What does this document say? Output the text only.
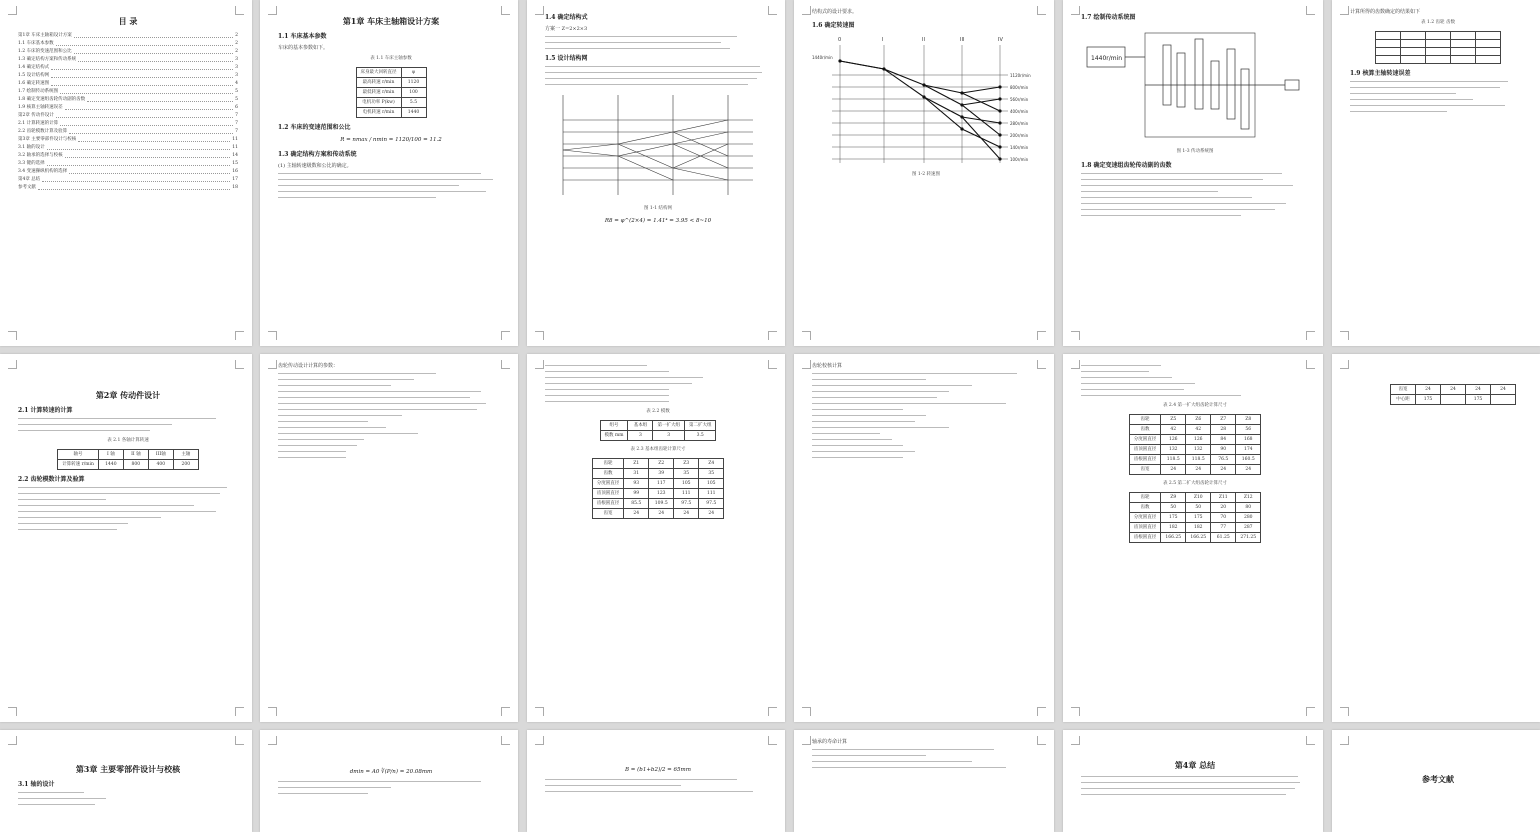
目 录
第1章 车床主轴箱设计方案	2
1.1 车床基本参数	2
1.2 车床的变速范围和公比	2
1.3 确定结构方案和传动系统	3
1.4 确定结构式	3
1.5 设计结构网	3
1.6 确定转速图	4
1.7 绘制传动系统图	5
1.8 确定变速组齿轮传动副的齿数	5
1.9 核算主轴转速误差	6
第2章 传动件设计	7
2.1 计算转速的计算	7
2.2 齿轮模数计算及验算	7
第3章 主要零部件设计与校核	11
3.1 轴的设计	11
3.2 轴承的选择与校核	14
3.3 键的选择	15
3.4 变速操纵机构的选择	16
第4章 总结	17
参考文献	18
第1章 车床主轴箱设计方案
1.1 车床基本参数
车床的基本参数如下。
表 1.1 车床主轴参数
床身最大回转直径	φ
最高转速 r/min	1120
最低转速 r/min	100
电机功率 P(kw)	5.5
电机转速 r/min	1440
1.2 车床的变速范围和公比
R = nmax / nmin = 1120/100 = 11.2
1.3 确定结构方案和传动系统
(1) 主轴转速级数和公比的确定。
1.4 确定结构式
方案一 Z=2×2×3
1.5 设计结构网
图 1-1 结构网
R8 = φ^(2×4) = 1.41⁴ = 3.95 < 8~10
结构式的设计要求。
1.6 确定转速图
0	I	II	III	IV
1120r/min
800r/min
560r/min
400r/min
280r/min
200r/min
140r/min
100r/min
1440r/min
图 1-2 转速图
1.7 绘制传动系统图
1440r/min
图 1-3 传动系统图
1.8 确定变速组齿轮传动副的齿数
计算所得的齿数确定的结果如下
表 1.2 齿轮 齿数

1.9 核算主轴转速误差
第2章 传动件设计
2.1 计算转速的计算
表 2.1 各轴计算转速
轴号	I 轴	II 轴	III轴	主轴
计算转速 r/min	1440	800	400	200
2.2 齿轮模数计算及验算
齿轮传动设计计算的参数：
表 2.2 模数
组号	基本组	第一扩大组	第二扩大组
模数 mm	3	3	3.5
表 2.3 基本组齿轮计算尺寸
齿轮	Z1	Z2	Z3	Z4
齿数	31	39	35	35
分度圆直径	93	117	105	105
齿顶圆直径	99	123	111	111
齿根圆直径	85.5	109.5	97.5	97.5
齿宽	24	24	24	24
齿轮校核计算
表 2.4 第一扩大组齿轮计算尺寸
齿轮	Z5	Z6	Z7	Z8
齿数	42	42	28	56
分度圆直径	126	126	84	168
齿顶圆直径	132	132	90	174
齿根圆直径	118.5	118.5	76.5	160.5
齿宽	24	24	24	24
表 2.5 第二扩大组齿轮计算尺寸
齿轮	Z9	Z10	Z11	Z12
齿数	50	50	20	80
分度圆直径	175	175	70	280
齿顶圆直径	182	182	77	287
齿根圆直径	166.25	166.25	61.25	271.25
齿宽	24	24	24	24
中心距	175		175	
第3章 主要零部件设计与校核
3.1 轴的设计
dmin = A0 ∛(P/n) = 20.08mm	B = (b1+b2)/2 = 65mm
轴承的寿命计算
第4章 总结
参考文献
